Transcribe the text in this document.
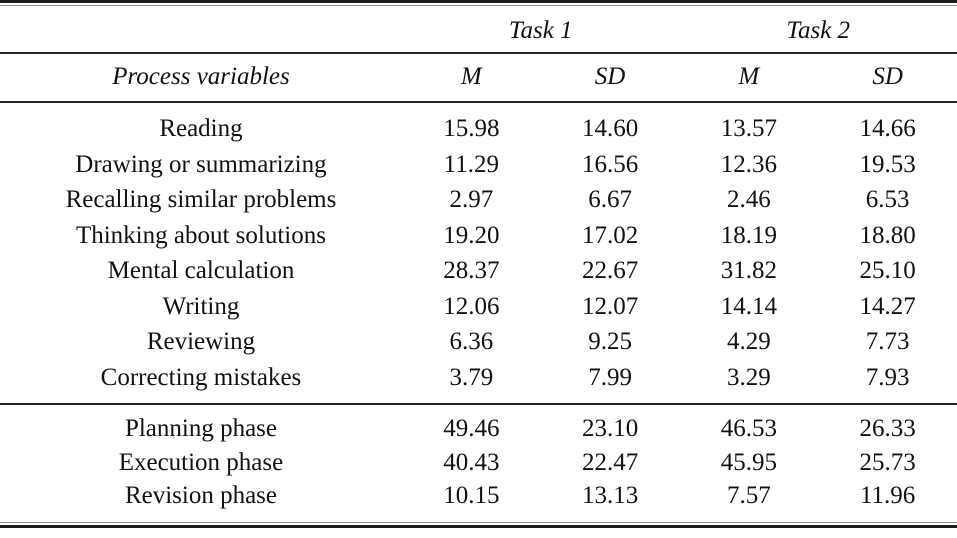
	Task 1		Task 2	
Process variables	M	SD	M	SD
Reading	15.98	14.60	13.57	14.66
Drawing or summarizing	11.29	16.56	12.36	19.53
Recalling similar problems	2.97	6.67	2.46	6.53
Thinking about solutions	19.20	17.02	18.19	18.80
Mental calculation	28.37	22.67	31.82	25.10
Writing	12.06	12.07	14.14	14.27
Reviewing	6.36	9.25	4.29	7.73
Correcting mistakes	3.79	7.99	3.29	7.93
Planning phase	49.46	23.10	46.53	26.33
Execution phase	40.43	22.47	45.95	25.73
Revision phase	10.15	13.13	7.57	11.96
